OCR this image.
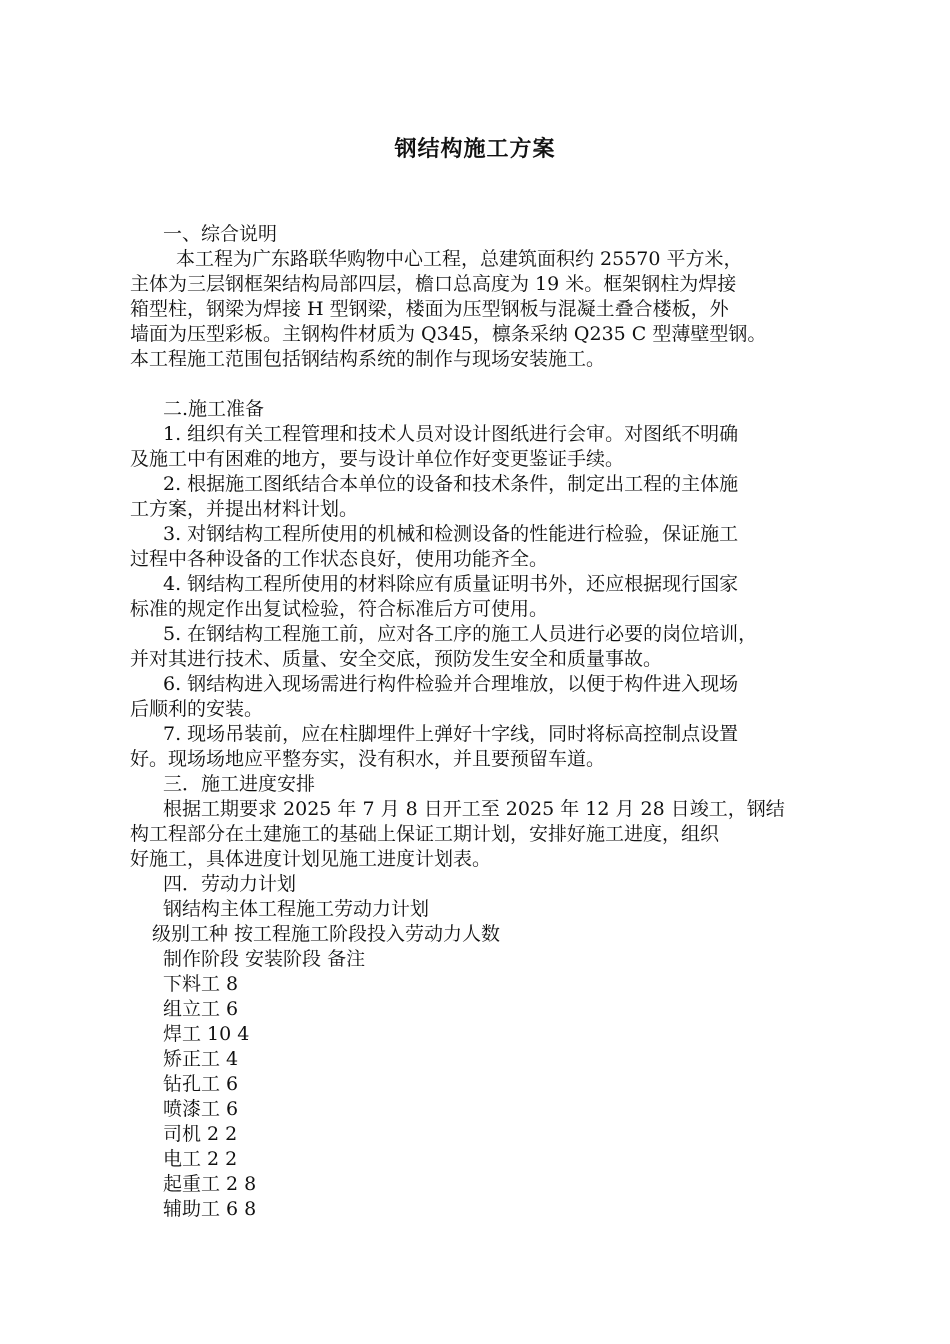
钢结构施工方案
一、综合说明
本工程为广东路联华购物中心工程，总建筑面积约 25570 平方米，
主体为三层钢框架结构局部四层，檐口总高度为 19 米。框架钢柱为焊接
箱型柱，钢梁为焊接 H 型钢梁，楼面为压型钢板与混凝土叠合楼板，外
墙面为压型彩板。主钢构件材质为 Q345，檩条采纳 Q235 C 型薄壁型钢。
本工程施工范围包括钢结构系统的制作与现场安装施工。
二.施工准备
1. 组织有关工程管理和技术人员对设计图纸进行会审。对图纸不明确
及施工中有困难的地方，要与设计单位作好变更鉴证手续。
2. 根据施工图纸结合本单位的设备和技术条件，制定出工程的主体施
工方案，并提出材料计划。
3. 对钢结构工程所使用的机械和检测设备的性能进行检验，保证施工
过程中各种设备的工作状态良好，使用功能齐全。
4. 钢结构工程所使用的材料除应有质量证明书外，还应根据现行国家
标准的规定作出复试检验，符合标准后方可使用。
5. 在钢结构工程施工前，应对各工序的施工人员进行必要的岗位培训，
并对其进行技术、质量、安全交底，预防发生安全和质量事故。
6. 钢结构进入现场需进行构件检验并合理堆放，以便于构件进入现场
后顺利的安装。
7. 现场吊装前，应在柱脚埋件上弹好十字线，同时将标高控制点设置
好。现场场地应平整夯实，没有积水，并且要预留车道。
三．施工进度安排
根据工期要求 2025 年 7 月 8 日开工至 2025 年 12 月 28 日竣工，钢结
构工程部分在土建施工的基础上保证工期计划，安排好施工进度，组织
好施工，具体进度计划见施工进度计划表。
四．劳动力计划
钢结构主体工程施工劳动力计划
级别工种 按工程施工阶段投入劳动力人数
制作阶段 安装阶段 备注
下料工 8
组立工 6
焊工 10 4
矫正工 4
钻孔工 6
喷漆工 6
司机 2 2
电工 2 2
起重工 2 8
辅助工 6 8
